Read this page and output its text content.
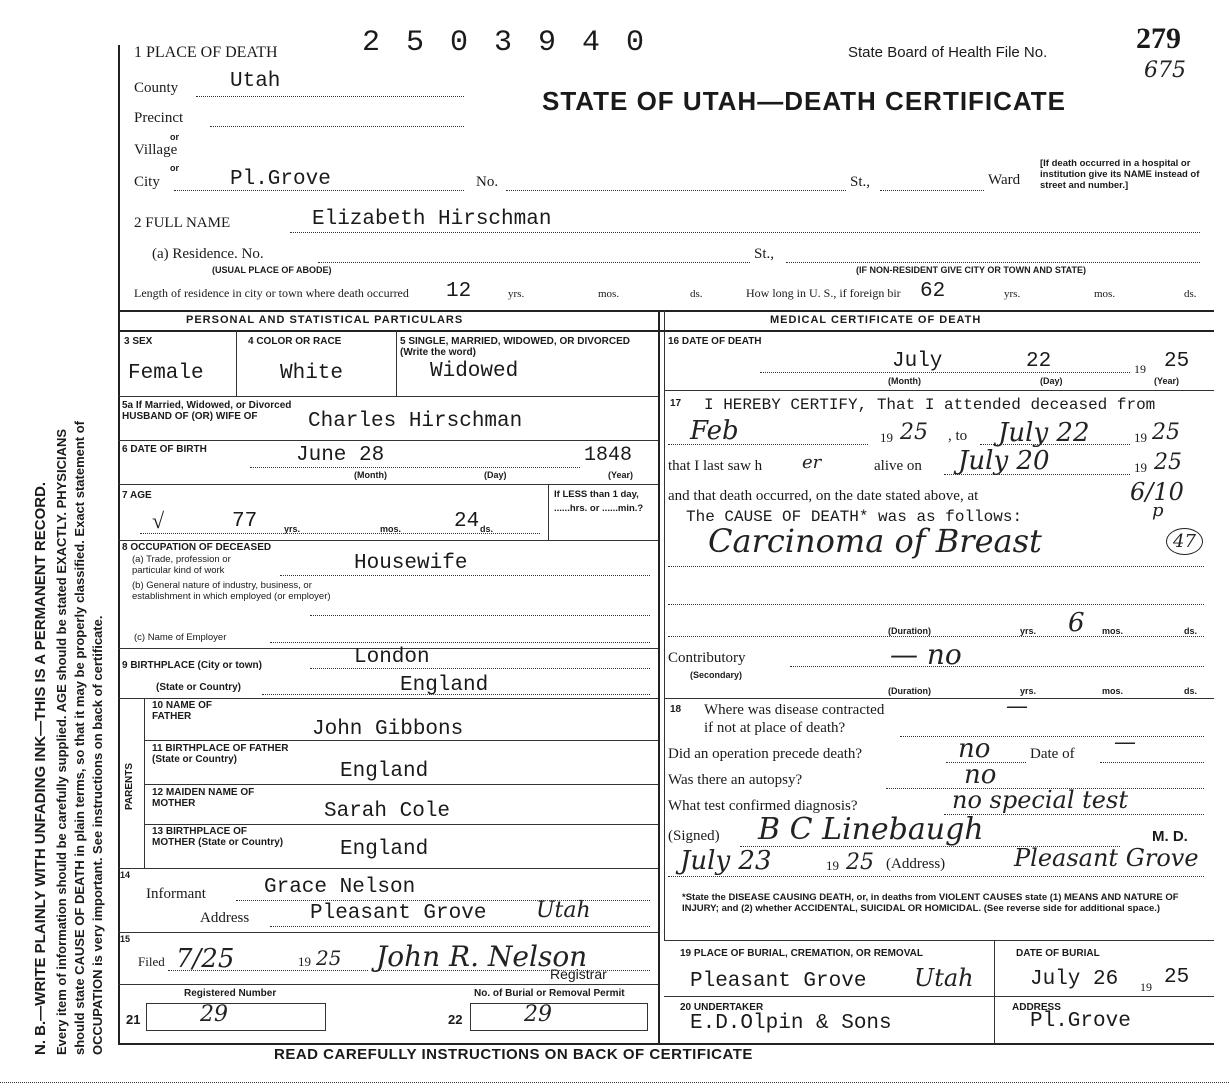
N. B.—WRITE PLAINLY WITH UNFADING INK—THIS IS A PERMANENT RECORD. Every item of information should be carefully supplied. AGE should be stated EXACTLY. PHYSICIANS should state CAUSE OF DEATH in plain terms, so that it may be properly classified. Exact statement of OCCUPATION is very important. See instructions on back of certificate.
1 PLACE OF DEATH	2 5 0 3 9 4 0	State Board of Health File No.	279
675
STATE OF UTAH—DEATH CERTIFICATE
County Utah
Precinct
or
Village
or
City	Pl.Grove	No.	St.,	Ward
[If death occurred in a hospital or institution give its NAME instead of street and number.]
2 FULL NAME	Elizabeth Hirschman
(a) Residence. No.
(USUAL PLACE OF ABODE)
St.,
(IF NON-RESIDENT GIVE CITY OR TOWN AND STATE)
Length of residence in city or town where death occurred 12	yrs.	mos.	ds.	How long in U. S., if foreign bir 62	yrs.	mos.	ds.
PERSONAL AND STATISTICAL PARTICULARS	MEDICAL CERTIFICATE OF DEATH
3 SEX
Female
4 COLOR OR RACE
White
5 SINGLE, MARRIED, WIDOWED, OR DIVORCED (Write the word)
Widowed
5a If Married, Widowed, or Divorced HUSBAND OF (OR) WIFE OF	Charles Hirschman
6 DATE OF BIRTH	June 28	1848
(Month)	(Day)	(Year)
7 AGE
√	77	yrs.	mos.	24 ds.
If LESS than 1 day, ......hrs. or ......min.?
8 OCCUPATION OF DECEASED
(a) Trade, profession or particular kind of work	Housewife
(b) General nature of industry, business, or establishment in which employed (or employer)
(c) Name of Employer
9 BIRTHPLACE (City or town)	London
(State or Country)	England
PARENTS
10 NAME OF FATHER
John Gibbons
11 BIRTHPLACE OF FATHER (State or Country)
England
12 MAIDEN NAME OF MOTHER	Sarah Cole
13 BIRTHPLACE OF MOTHER (State or Country)	England
14
Informant	Grace Nelson
Address	Pleasant Grove Utah
15
Filed 7/25	19 25 John R. Nelson
Registrar
Registered Number	No. of Burial or Removal Permit
21	29	22	29
16 DATE OF DEATH
July	22	19 25
(Month)	(Day)	(Year)
17 I HEREBY CERTIFY, That I attended deceased from
Feb	19 25 , to July 22	19 25
that I last saw h er	alive on July 20	19 25
and that death occurred, on the date stated above, at	6/10
p
The CAUSE OF DEATH* was as follows:
Carcinoma of Breast	47
(Duration)	yrs. 6 mos.	ds.
Contributory
(Secondary)
— no
(Duration)	yrs.	mos.	ds.
18 Where was disease contracted	—
if not at place of death?
Did an operation precede death?	no	Date of —
Was there an autopsy?	no
What test confirmed diagnosis?	no special test
(Signed) B C Linebaugh	M. D.
July 23	19 25 (Address)	Pleasant Grove
*State the DISEASE CAUSING DEATH, or, in deaths from VIOLENT CAUSES state (1) MEANS AND NATURE OF INJURY; and (2) whether ACCIDENTAL, SUICIDAL OR HOMICIDAL. (See reverse side for additional space.)
19 PLACE OF BURIAL, CREMATION, OR REMOVAL	DATE OF BURIAL
Pleasant Grove Utah	July 26 19 25
20 UNDERTAKER
E.D.Olpin & Sons
ADDRESS
Pl.Grove
READ CAREFULLY INSTRUCTIONS ON BACK OF CERTIFICATE
